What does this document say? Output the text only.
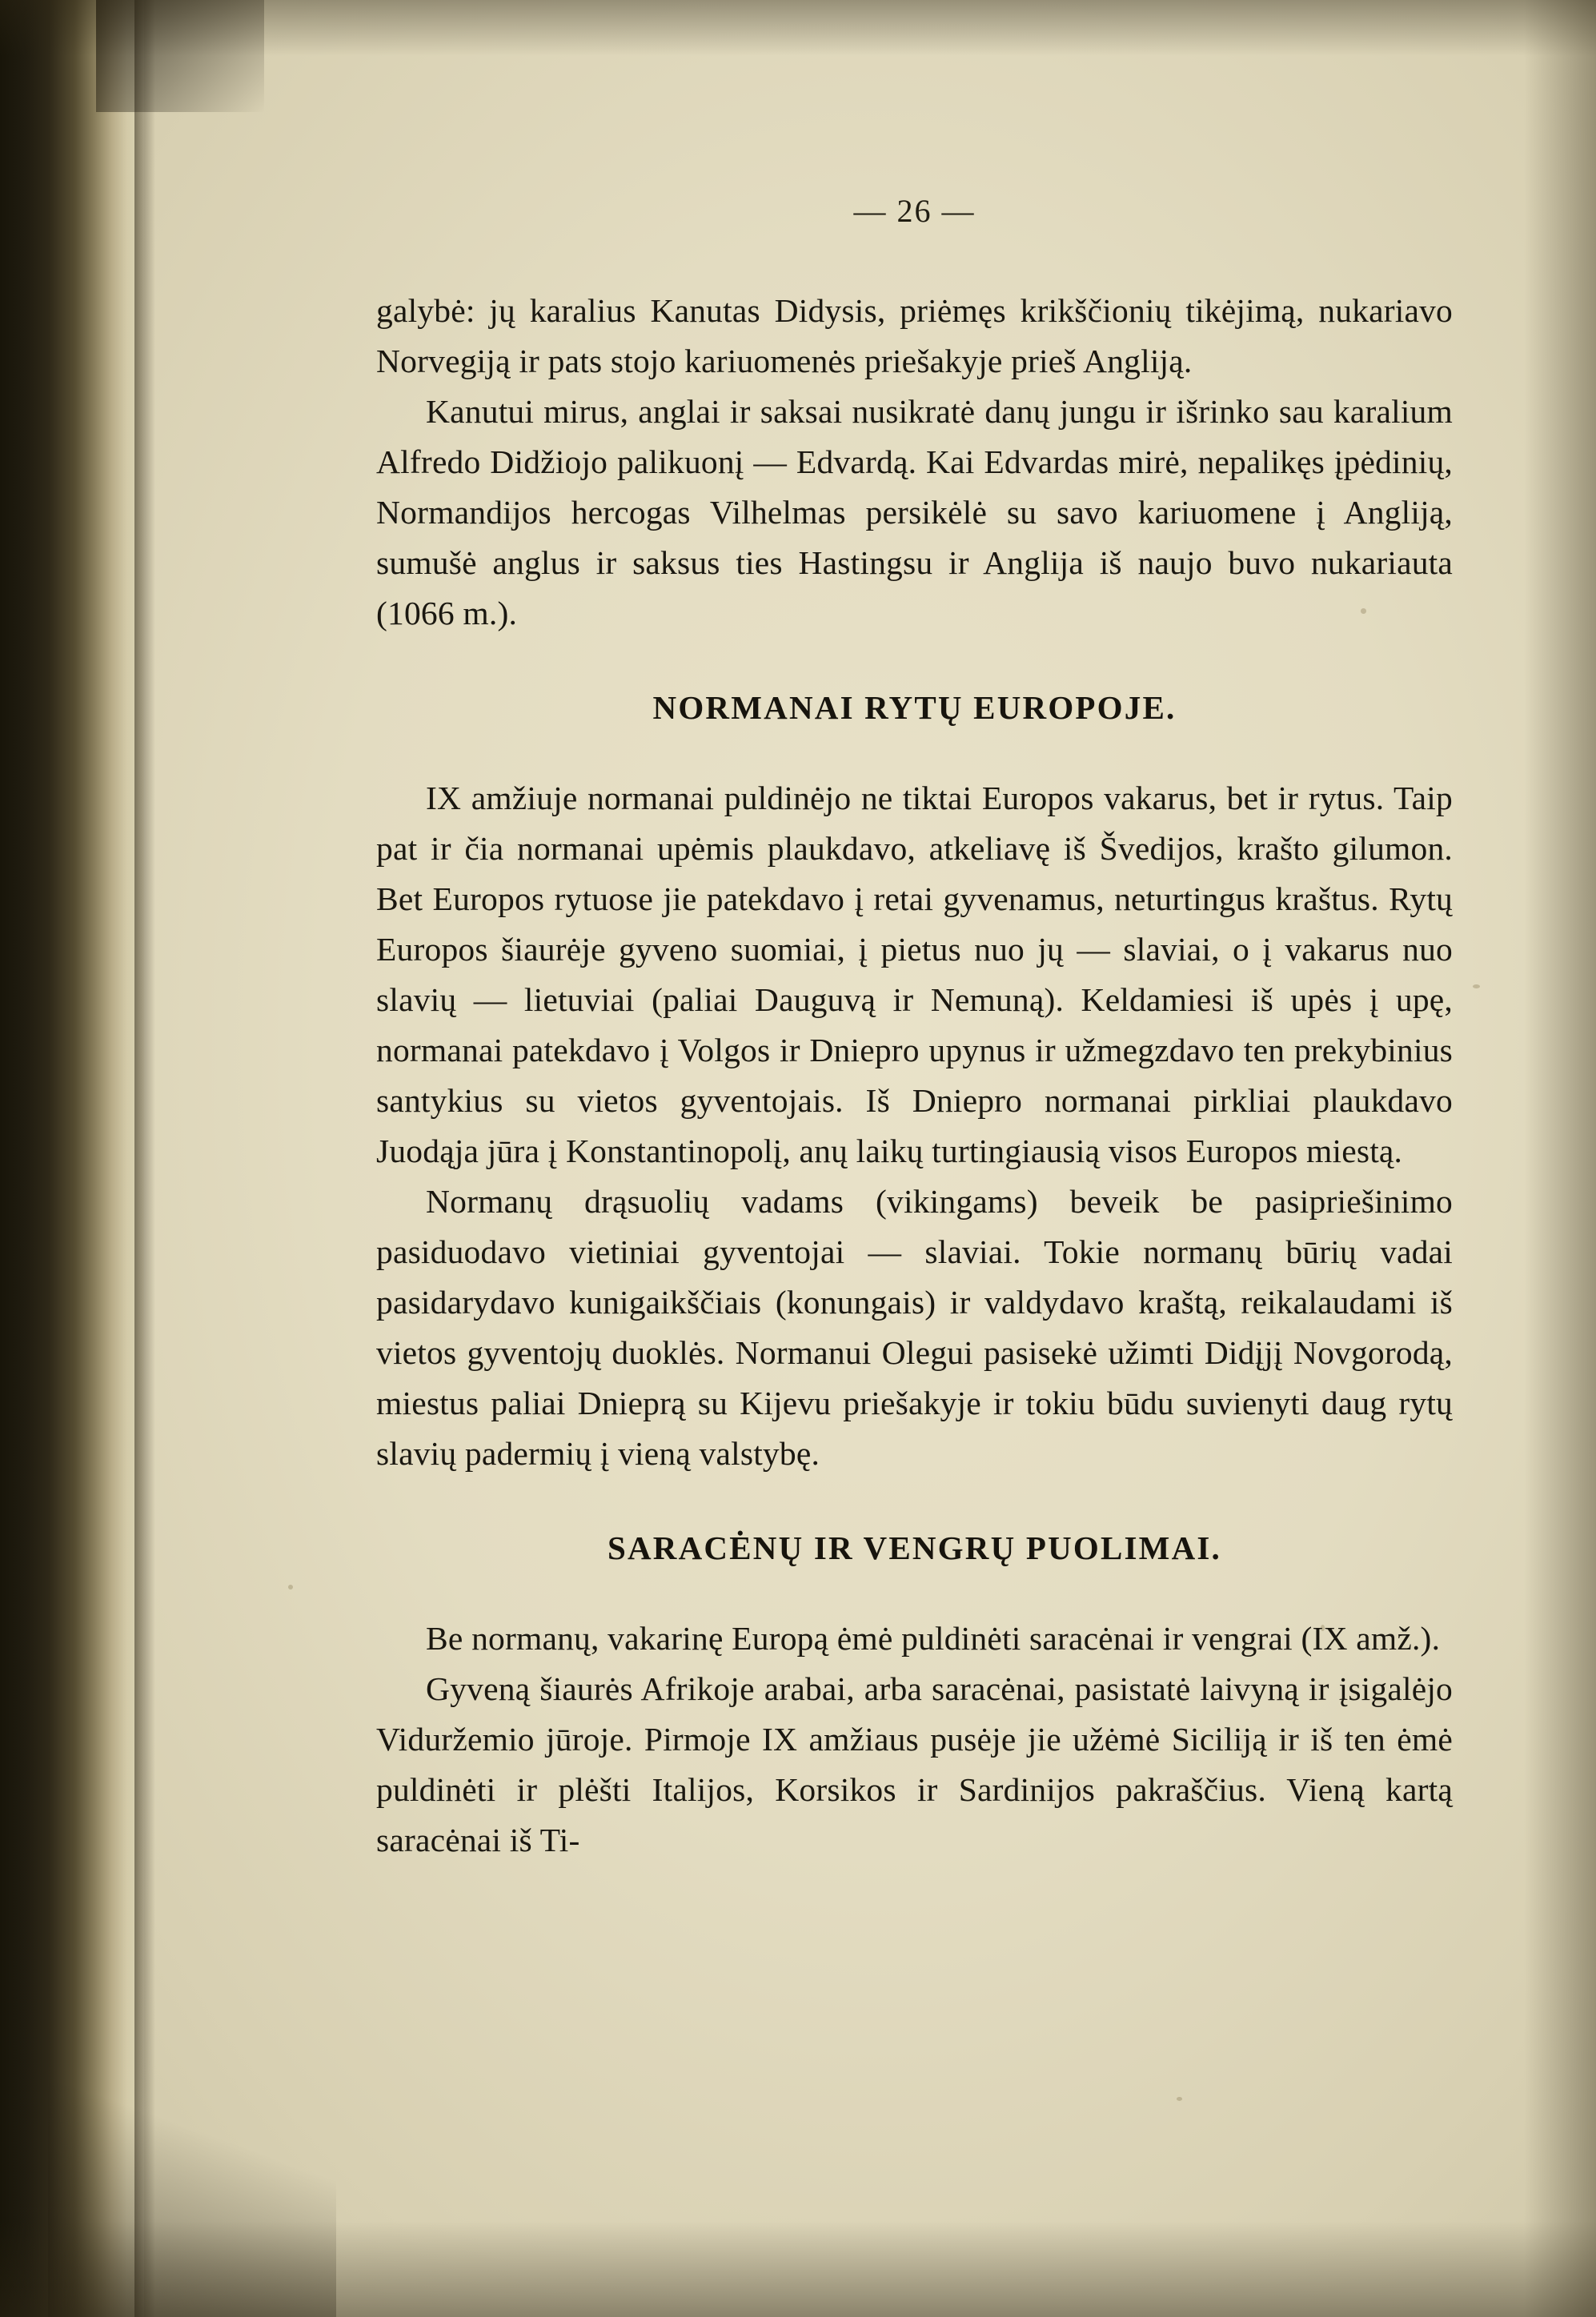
— 26 —

galybė: jų karalius Kanutas Didysis, priėmęs krikščionių tikėjimą, nukariavo Norvegiją ir pats stojo kariuomenės priešakyje prieš Angliją.

Kanutui mirus, anglai ir saksai nusikratė danų jungu ir išrinko sau karalium Alfredo Didžiojo palikuonį — Edvardą. Kai Edvardas mirė, nepalikęs įpėdinių, Normandijos hercogas Vilhelmas persikėlė su savo kariuomene į Angliją, sumušė anglus ir saksus ties Hastingsu ir Anglija iš naujo buvo nukariauta (1066 m.).

NORMANAI RYTŲ EUROPOJE.

IX amžiuje normanai puldinėjo ne tiktai Europos vakarus, bet ir rytus. Taip pat ir čia normanai upėmis plaukdavo, atkeliavę iš Švedijos, krašto gilumon. Bet Europos rytuose jie patekdavo į retai gyvenamus, neturtingus kraštus. Rytų Europos šiaurėje gyveno suomiai, į pietus nuo jų — slaviai, o į vakarus nuo slavių — lietuviai (paliai Dauguvą ir Nemuną). Keldamiesi iš upės į upę, normanai patekdavo į Volgos ir Dniepro upynus ir užmegzdavo ten prekybinius santykius su vietos gyventojais. Iš Dniepro normanai pirkliai plaukdavo Juodąja jūra į Konstantinopolį, anų laikų turtingiausią visos Europos miestą.

Normanų drąsuolių vadams (vikingams) beveik be pasipriešinimo pasiduodavo vietiniai gyventojai — slaviai. Tokie normanų būrių vadai pasidarydavo kunigaikščiais (konungais) ir valdydavo kraštą, reikalaudami iš vietos gyventojų duoklės. Normanui Olegui pasisekė užimti Didįjį Novgorodą, miestus paliai Dnieprą su Kijevu priešakyje ir tokiu būdu suvienyti daug rytų slavių padermių į vieną valstybę.

SARACĖNŲ IR VENGRŲ PUOLIMAI.

Be normanų, vakarinę Europą ėmė puldinėti saracėnai ir vengrai (IX amž.).

Gyveną šiaurės Afrikoje arabai, arba saracėnai, pasistatė laivyną ir įsigalėjo Viduržemio jūroje. Pirmoje IX amžiaus pusėje jie užėmė Siciliją ir iš ten ėmė puldinėti ir plėšti Italijos, Korsikos ir Sardinijos pakraščius. Vieną kartą saracėnai iš Ti-
